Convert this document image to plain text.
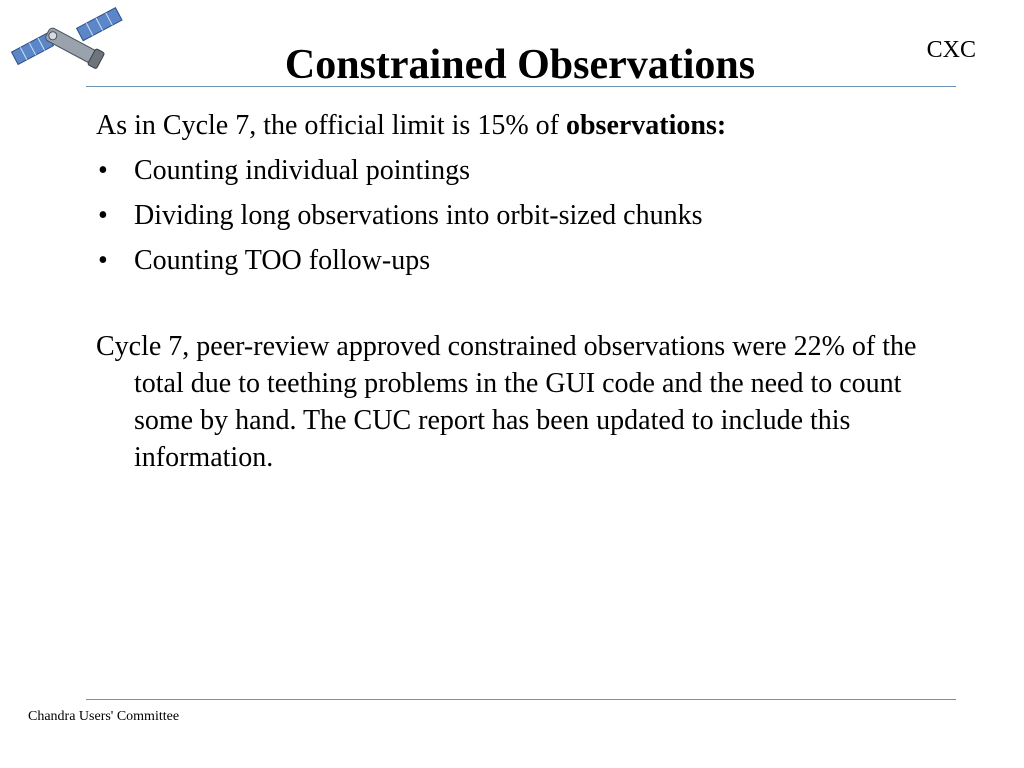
CXC

Constrained Observations

As in Cycle 7, the official limit is 15% of observations:

• Counting individual pointings
• Dividing long observations into orbit-sized chunks
• Counting TOO follow-ups

Cycle 7, peer-review approved constrained observations were 22% of the total due to teething problems in the GUI code and the need to count some by hand. The CUC report has been updated to include this information.

Chandra Users' Committee
